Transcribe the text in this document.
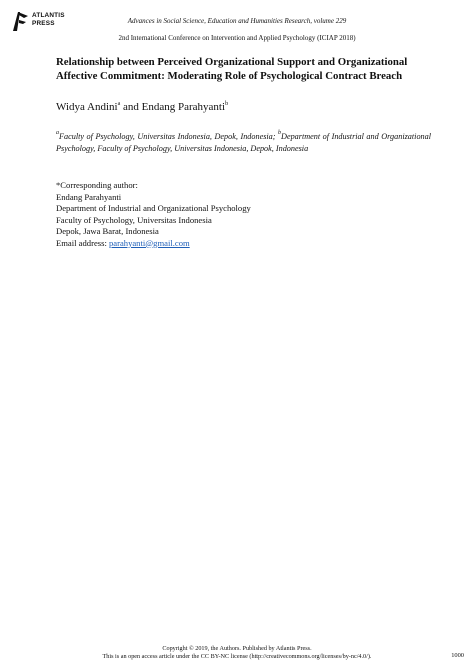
ATLANTIS
PRESS	Advances in Social Science, Education and Humanities Research, volume 229
2nd International Conference on Intervention and Applied Psychology (ICIAP 2018)
Relationship between Perceived Organizational Support and Organizational Affective Commitment: Moderating Role of Psychological Contract Breach
Widya Andini$^a$ and Endang Parahyanti$^b$
$^a$Faculty of Psychology, Universitas Indonesia, Depok, Indonesia; $^b$Department of Industrial and Organizational Psychology, Faculty of Psychology, Universitas Indonesia, Depok, Indonesia
*Corresponding author:
Endang Parahyanti
Department of Industrial and Organizational Psychology
Faculty of Psychology, Universitas Indonesia
Depok, Jawa Barat, Indonesia
Email address: parahyanti@gmail.com
Copyright © 2019, the Authors. Published by Atlantis Press.
This is an open access article under the CC BY-NC license (http://creativecommons.org/licenses/by-nc/4.0/).	1000
